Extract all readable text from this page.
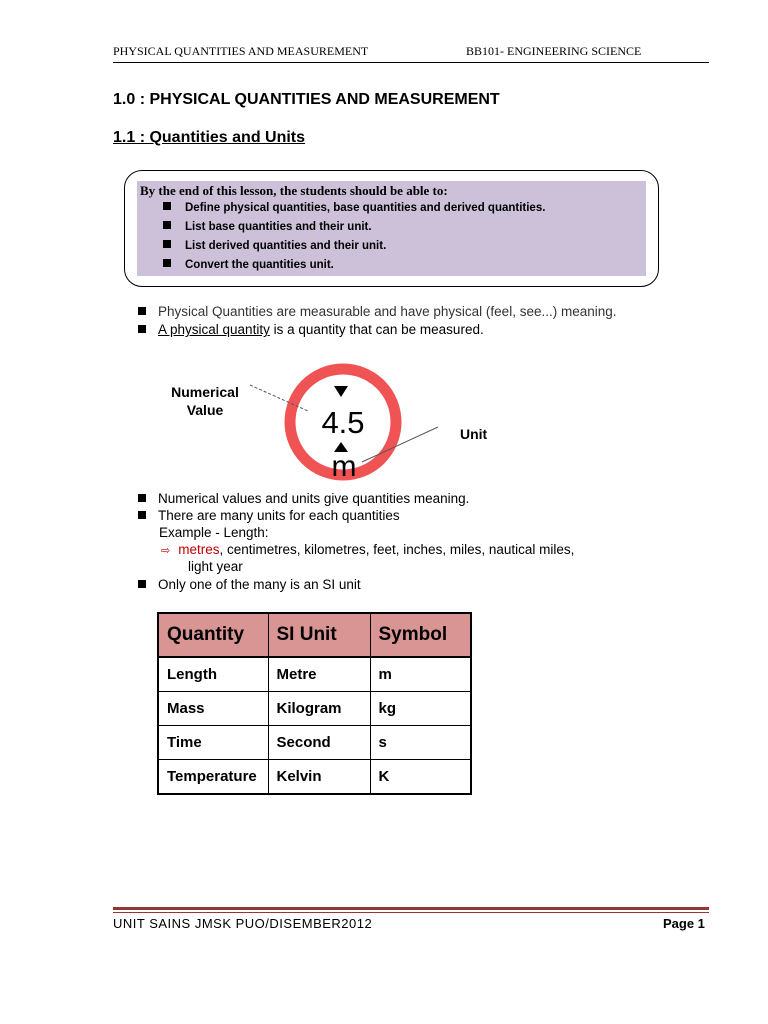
PHYSICAL QUANTITIES AND MEASUREMENT	BB101- ENGINEERING SCIENCE
1.0 : PHYSICAL QUANTITIES AND MEASUREMENT
1.1 : Quantities and Units
By the end of this lesson, the students should be able to:
Define physical quantities, base quantities and derived quantities.
List base quantities and their unit.
List derived quantities and their unit.
Convert the quantities unit.
Physical Quantities are measurable and have physical (feel, see...) meaning.
A physical quantity is a quantity that can be measured.
4.5
m
Numerical
Value
Unit
Numerical values and units give quantities meaning.
There are many units for each quantities
Example - Length:
⇨ metres, centimetres, kilometres, feet, inches, miles, nautical miles,
light year
Only one of the many is an SI unit
Quantity	SI Unit	Symbol
Length	Metre	m
Mass	Kilogram	kg
Time	Second	s
Temperature	Kelvin	K
UNIT SAINS JMSK PUO/DISEMBER2012	Page 1
